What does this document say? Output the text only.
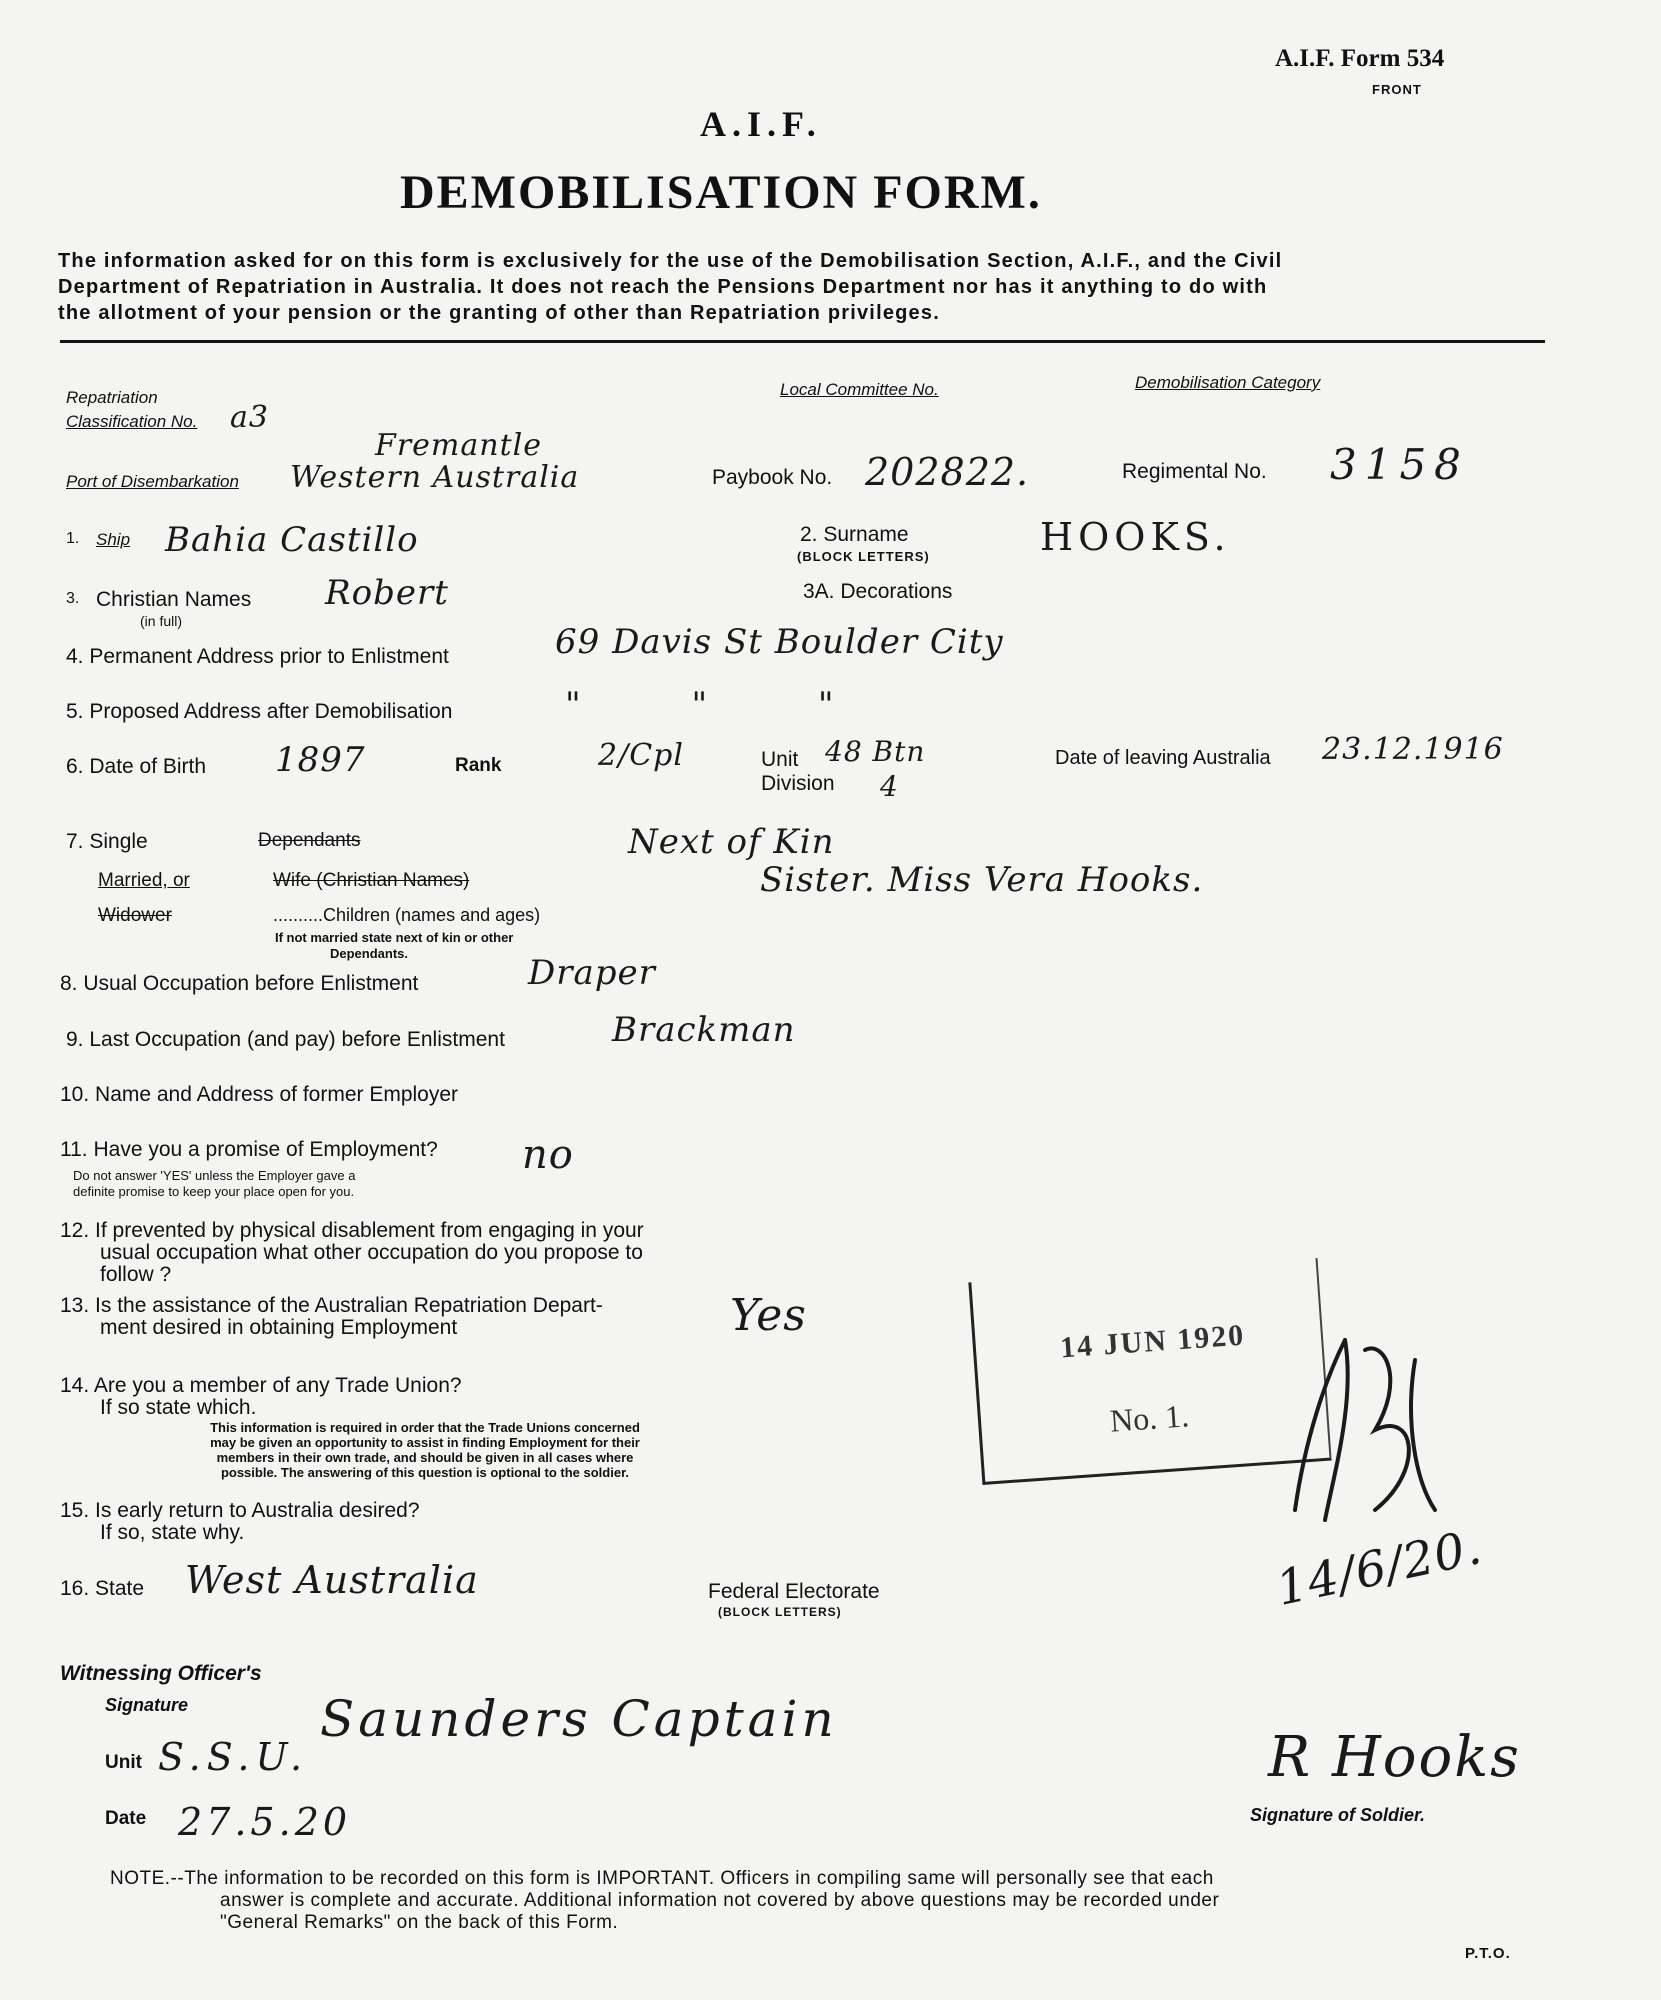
A.I.F. Form 534
FRONT
A.I.F.
DEMOBILISATION FORM.
The information asked for on this form is exclusively for the use of the Demobilisation Section, A.I.F., and the Civil
Department of Repatriation in Australia. It does not reach the Pensions Department nor has it anything to do with
the allotment of your pension or the granting of other than Repatriation privileges.
Repatriation
Classification No. a3
Local Committee No.	Demobilisation Category
Fremantle
Port of Disembarkation Western Australia	Paybook No. 202822.	Regimental No. 3158
1. Ship Bahia Castillo	2. Surname
(BLOCK LETTERS)	HOOKS.
3. Christian Names
(in full)
Robert	3A. Decorations
4. Permanent Address prior to Enlistment	69 Davis St Boulder City
5. Proposed Address after Demobilisation	" " "
6. Date of Birth 1897	Rank	2/Cpl	Unit 48 Btn
Division 4
Date of leaving Australia 23.12.1916
7. Single	Dependants
Married, or	Wife (Christian Names)
Widower	..........Children (names and ages)
If not married state next of kin or other
Dependants.
Next of Kin
Sister. Miss Vera Hooks.
8. Usual Occupation before Enlistment	Draper
9. Last Occupation (and pay) before Enlistment	Brackman
10. Name and Address of former Employer
11. Have you a promise of Employment?
Do not answer 'YES' unless the Employer gave a
definite promise to keep your place open for you.
no
12. If prevented by physical disablement from engaging in your
usual occupation what other occupation do you propose to
follow ?
13. Is the assistance of the Australian Repatriation Depart-
ment desired in obtaining Employment	Yes
14. Are you a member of any Trade Union?
If so state which.
This information is required in order that the Trade Unions concerned
may be given an opportunity to assist in finding Employment for their
members in their own trade, and should be given in all cases where
possible. The answering of this question is optional to the soldier.
15. Is early return to Australia desired?
If so, state why.
16. State West Australia	Federal Electorate
(BLOCK LETTERS)
Witnessing Officer's
Signature	Saunders Captain
Unit S.S.U.
Date 27.5.20
14 JUN 1920
No. 1.
14/6/20.
R Hooks
Signature of Soldier.
NOTE.--The information to be recorded on this form is IMPORTANT. Officers in compiling same will personally see that each
answer is complete and accurate. Additional information not covered by above questions may be recorded under
"General Remarks" on the back of this Form.
P.T.O.
